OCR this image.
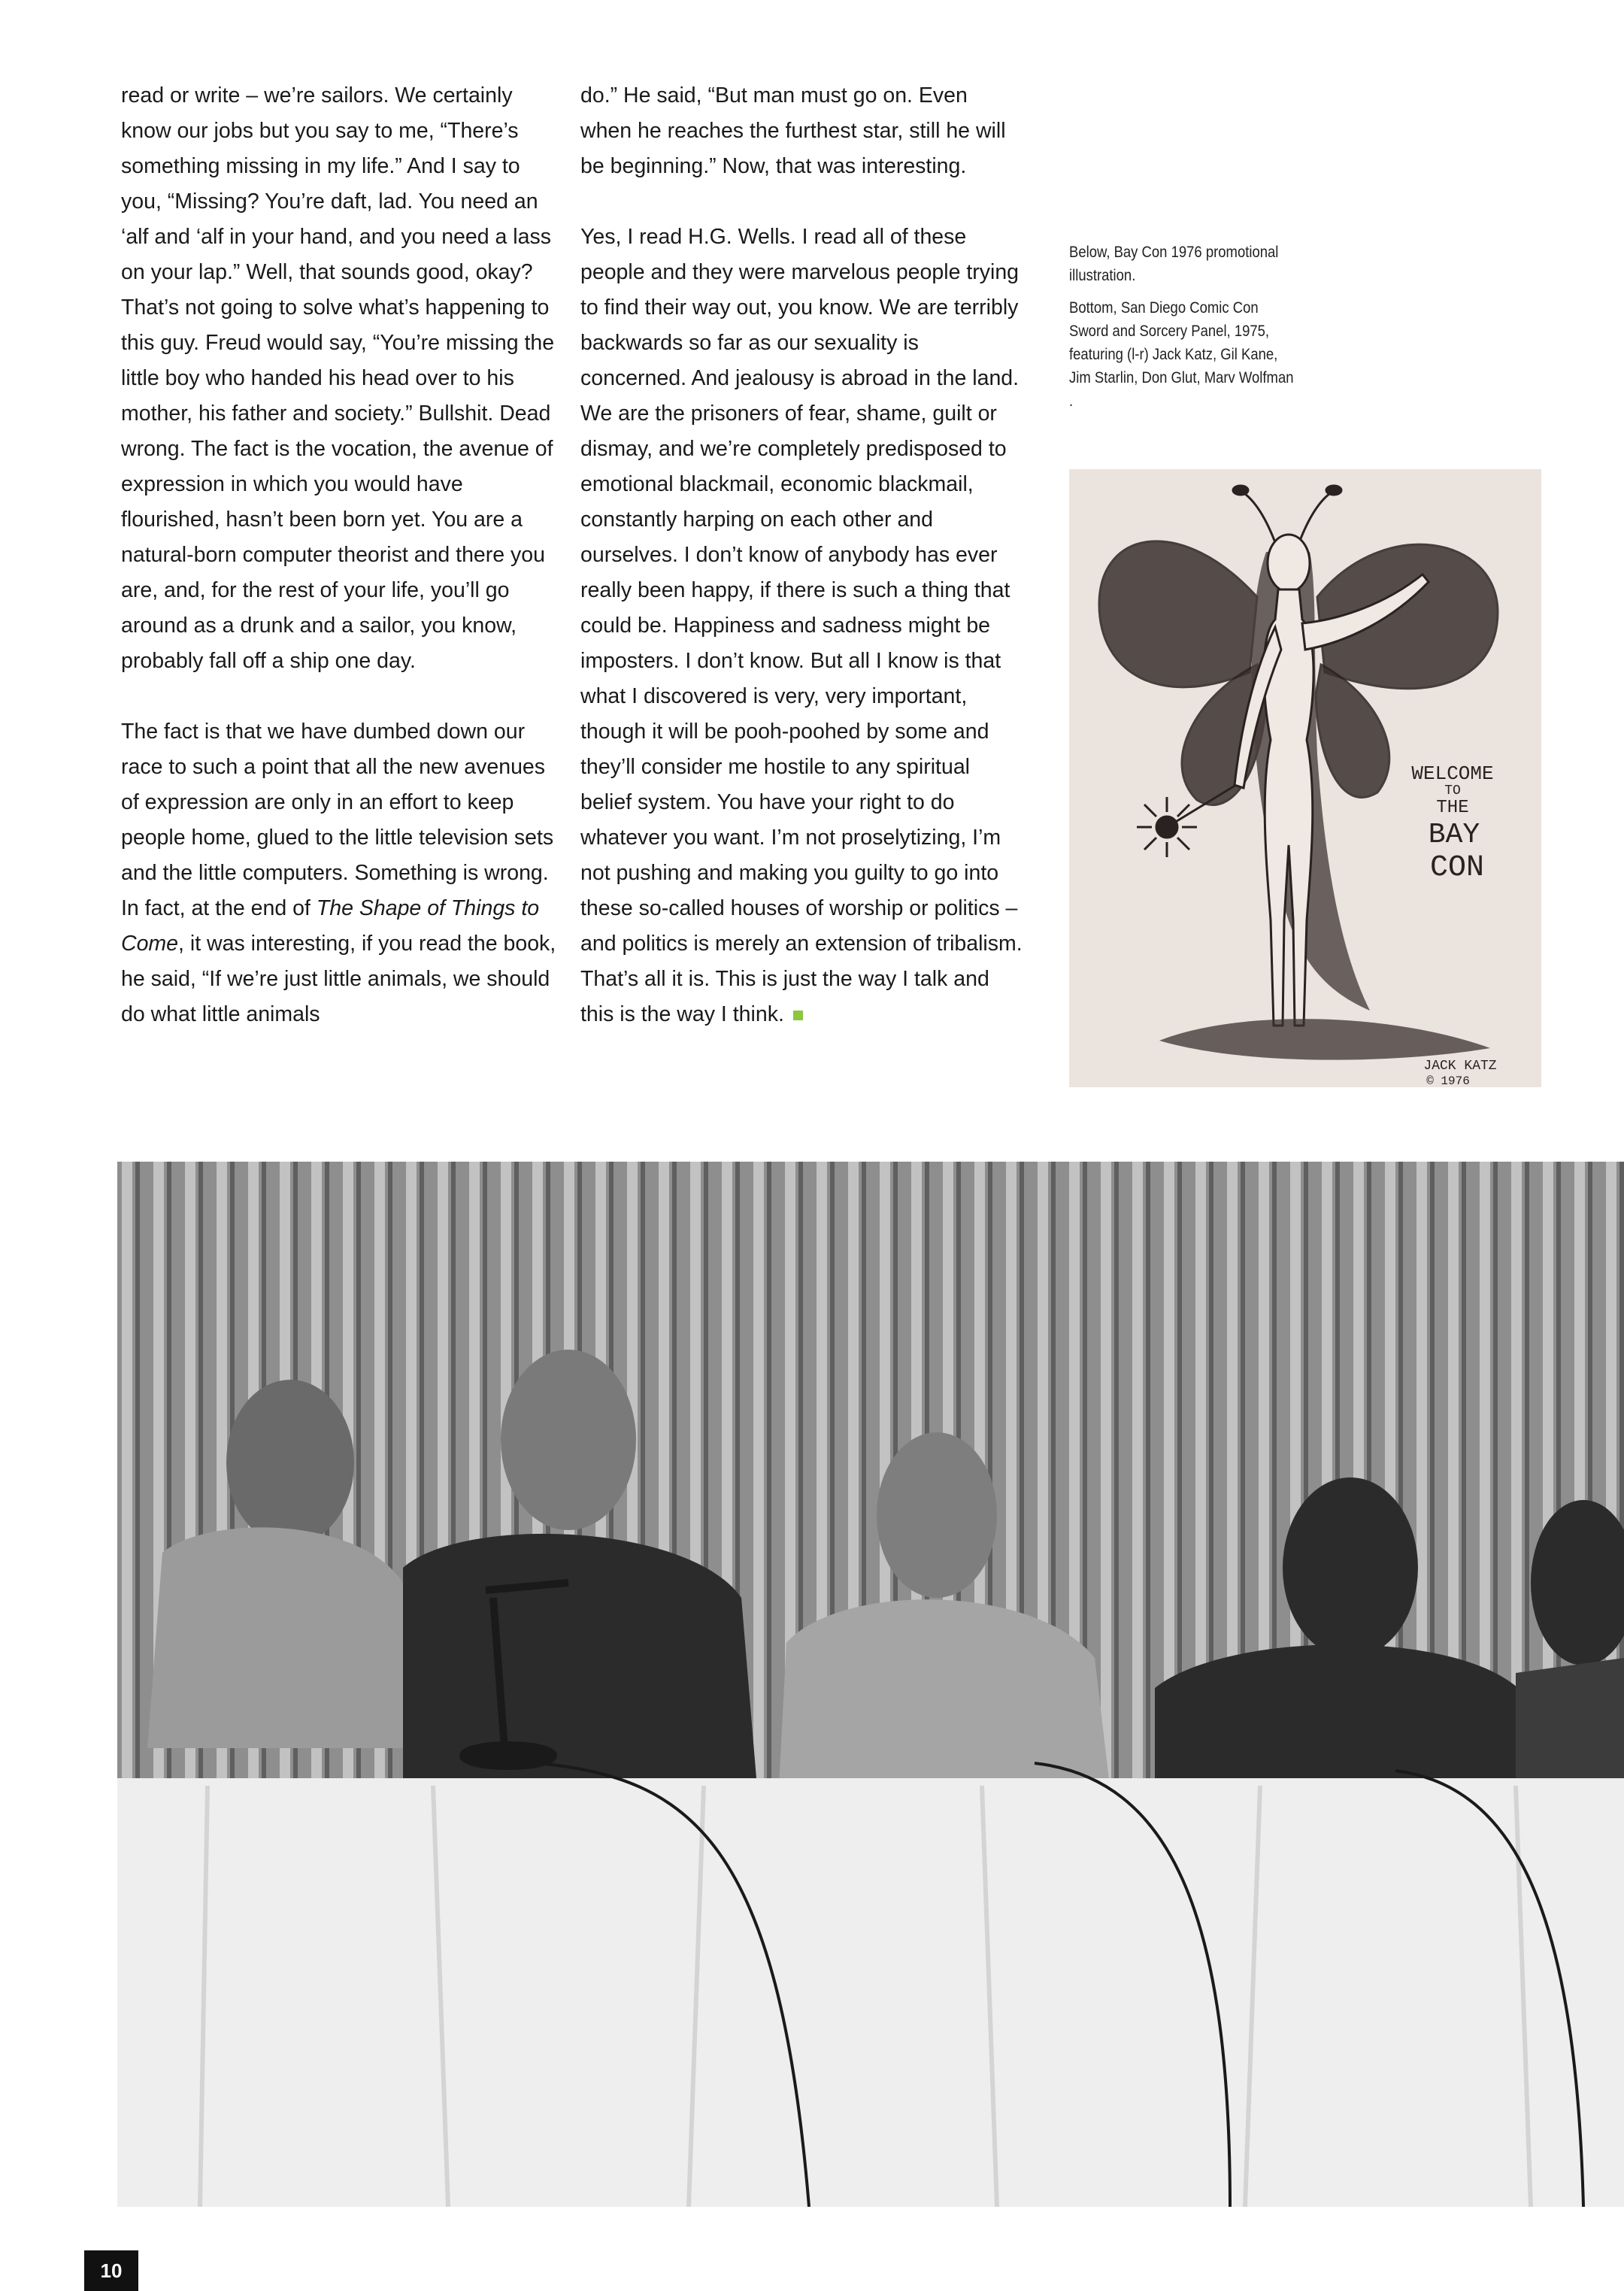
read or write – we’re sailors. We certainly know our jobs but you say to me, “There’s something missing in my life.” And I say to you, “Missing? You’re daft, lad. You need an ‘alf and ‘alf in your hand, and you need a lass on your lap.” Well, that sounds good, okay? That’s not going to solve what’s happening to this guy. Freud would say, “You’re missing the little boy who handed his head over to his mother, his father and society.” Bullshit. Dead wrong. The fact is the vocation, the avenue of expression in which you would have flourished, hasn’t been born yet. You are a natural-born computer theorist and there you are, and, for the rest of your life, you’ll go around as a drunk and a sailor, you know, probably fall off a ship one day.

The fact is that we have dumbed down our race to such a point that all the new avenues of expression are only in an effort to keep people home, glued to the little television sets and the little computers. Something is wrong. In fact, at the end of The Shape of Things to Come, it was interesting, if you read the book, he said, “If we’re just little animals, we should do what little animals

do.” He said, “But man must go on. Even when he reaches the furthest star, still he will be beginning.” Now, that was interesting.

Yes, I read H.G. Wells. I read all of these people and they were marvelous people trying to find their way out, you know. We are terribly backwards so far as our sexuality is concerned. And jealousy is abroad in the land. We are the prisoners of fear, shame, guilt or dismay, and we’re completely predisposed to emotional blackmail, economic blackmail, constantly harping on each other and ourselves. I don’t know of anybody has ever really been happy, if there is such a thing that could be. Happiness and sadness might be imposters. I don’t know. But all I know is that what I discovered is very, very important, though it will be pooh-poohed by some and they’ll consider me hostile to any spiritual belief system. You have your right to do whatever you want. I’m not proselytizing, I’m not pushing and making you guilty to go into these so-called houses of worship or politics – and politics is merely an extension of tribalism. That’s all it is. This is just the way I talk and this is the way I think.

Below, Bay Con 1976 promotional illustration.

Bottom, San Diego Comic Con Sword and Sorcery Panel, 1975, featuring (l-r) Jack Katz, Gil Kane, Jim Starlin, Don Glut, Marv Wolfman .

WELCOME
TO
THE
BAY
CON
JACK KATZ
© 1976
10
